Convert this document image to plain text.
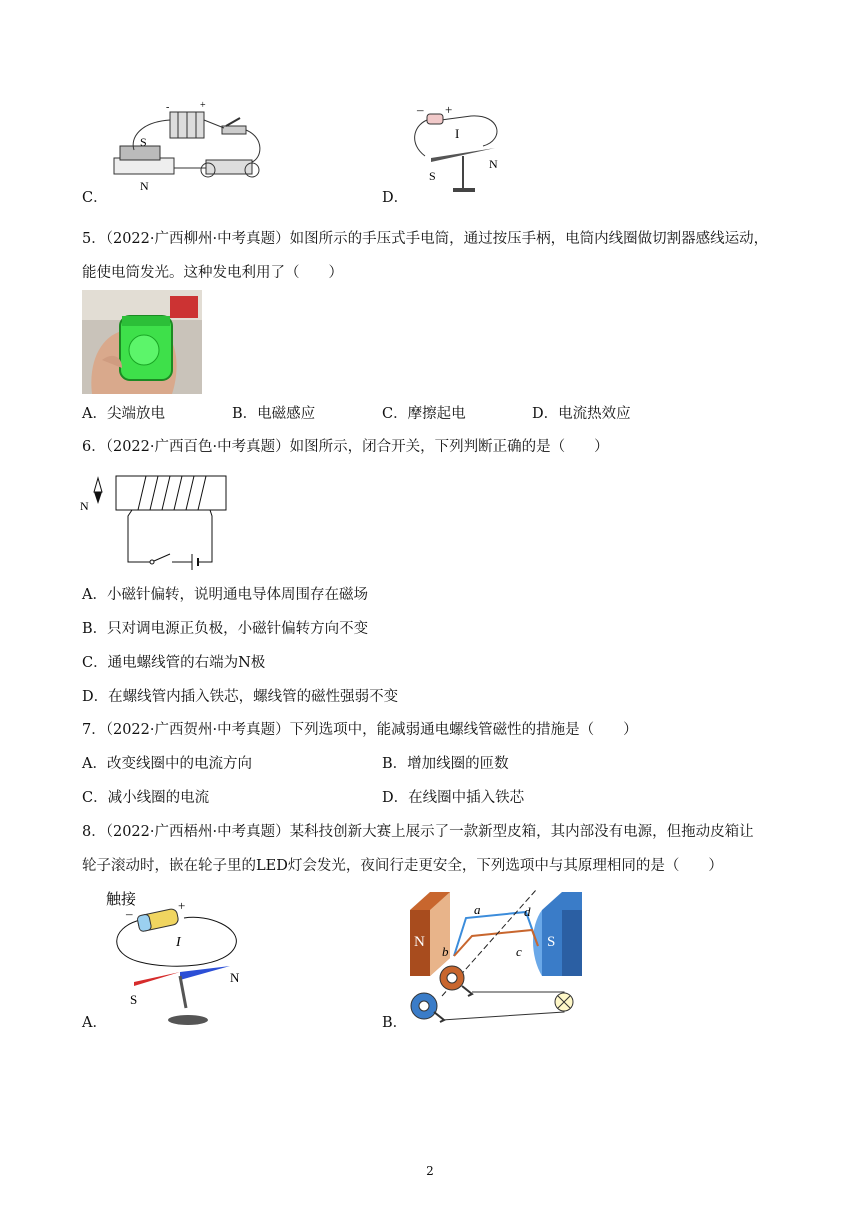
-	+
S
N
C．
– +
I
S
N
D．
5．（2022·广西柳州·中考真题）如图所示的手压式手电筒，通过按压手柄，电筒内线圈做切割器感线运动，
能使电筒发光。这种发电利用了（　　）
A．尖端放电	B．电磁感应	C．摩擦起电	D．电流热效应
6．（2022·广西百色·中考真题）如图所示，闭合开关，下列判断正确的是（　　）
N
A．小磁针偏转，说明通电导体周围存在磁场
B．只对调电源正负极，小磁针偏转方向不变
C．通电螺线管的右端为N极
D．在螺线管内插入铁芯，螺线管的磁性强弱不变
7．（2022·广西贺州·中考真题）下列选项中，能减弱通电螺线管磁性的措施是（　　）
A．改变线圈中的电流方向	B．增加线圈的匝数
C．减小线圈的电流	D．在线圈中插入铁芯
8．（2022·广西梧州·中考真题）某科技创新大赛上展示了一款新型皮箱，其内部没有电源，但拖动皮箱让
轮子滚动时，嵌在轮子里的LED灯会发光，夜间行走更安全，下列选项中与其原理相同的是（　　）
触接
–
+
I
S
N
A．
N	S
a
b	c
d
B．
2
